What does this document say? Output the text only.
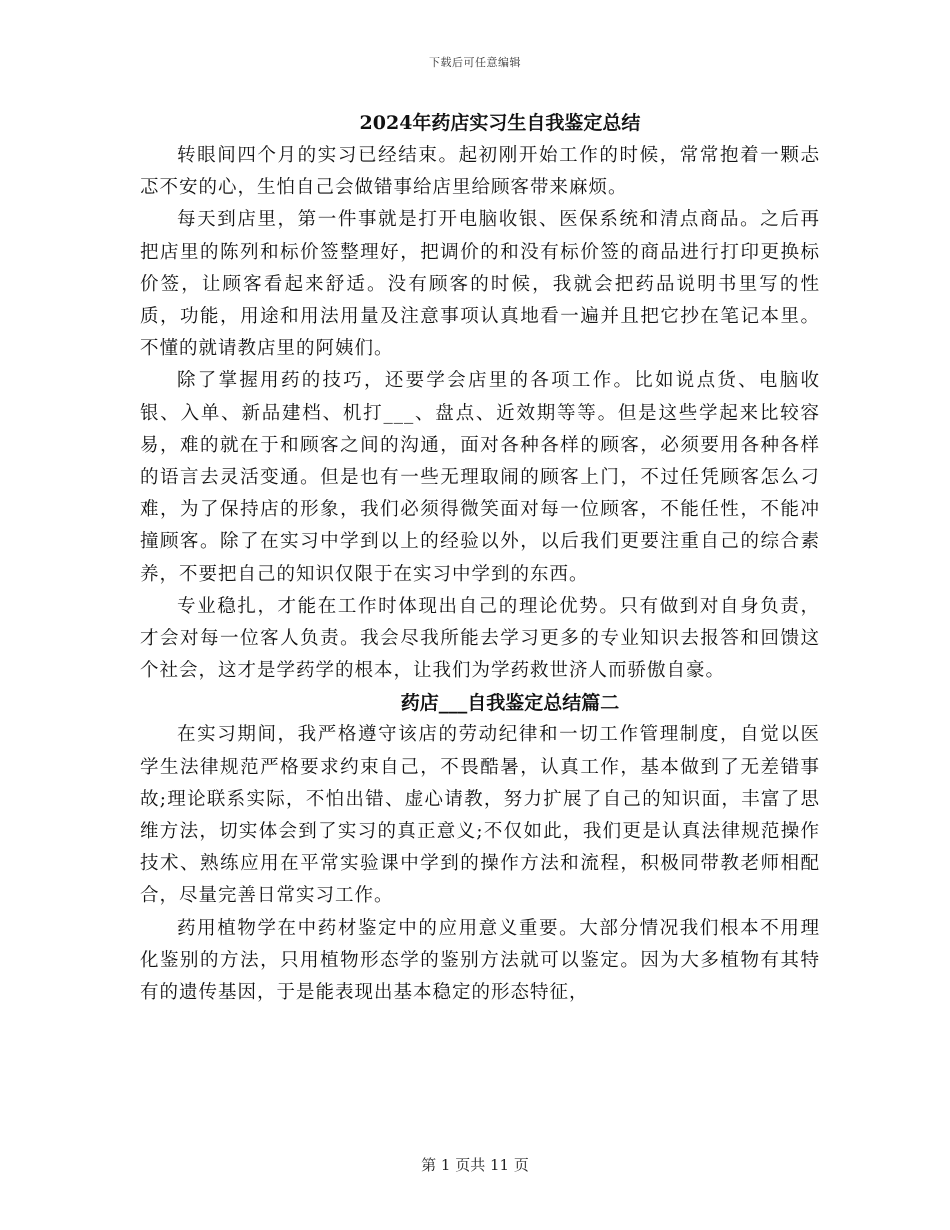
下载后可任意编辑
2024年药店实习生自我鉴定总结

转眼间四个月的实习已经结束。起初刚开始工作的时候，常常抱着一颗忐忑不安的心，生怕自己会做错事给店里给顾客带来麻烦。

每天到店里，第一件事就是打开电脑收银、医保系统和清点商品。之后再把店里的陈列和标价签整理好，把调价的和没有标价签的商品进行打印更换标价签，让顾客看起来舒适。没有顾客的时候，我就会把药品说明书里写的性质，功能，用途和用法用量及注意事项认真地看一遍并且把它抄在笔记本里。不懂的就请教店里的阿姨们。

除了掌握用药的技巧，还要学会店里的各项工作。比如说点货、电脑收银、入单、新品建档、机打___、盘点、近效期等等。但是这些学起来比较容易，难的就在于和顾客之间的沟通，面对各种各样的顾客，必须要用各种各样的语言去灵活变通。但是也有一些无理取闹的顾客上门，不过任凭顾客怎么刁难，为了保持店的形象，我们必须得微笑面对每一位顾客，不能任性，不能冲撞顾客。除了在实习中学到以上的经验以外，以后我们更要注重自己的综合素养，不要把自己的知识仅限于在实习中学到的东西。

专业稳扎，才能在工作时体现出自己的理论优势。只有做到对自身负责，才会对每一位客人负责。我会尽我所能去学习更多的专业知识去报答和回馈这个社会，这才是学药学的根本，让我们为学药救世济人而骄傲自豪。

药店___自我鉴定总结篇二

在实习期间，我严格遵守该店的劳动纪律和一切工作管理制度，自觉以医学生法律规范严格要求约束自己，不畏酷暑，认真工作，基本做到了无差错事故;理论联系实际，不怕出错、虚心请教，努力扩展了自己的知识面，丰富了思维方法，切实体会到了实习的真正意义;不仅如此，我们更是认真法律规范操作技术、熟练应用在平常实验课中学到的操作方法和流程，积极同带教老师相配合，尽量完善日常实习工作。

药用植物学在中药材鉴定中的应用意义重要。大部分情况我们根本不用理化鉴别的方法，只用植物形态学的鉴别方法就可以鉴定。因为大多植物有其特有的遗传基因，于是能表现出基本稳定的形态特征，

第 1 页共 11 页
